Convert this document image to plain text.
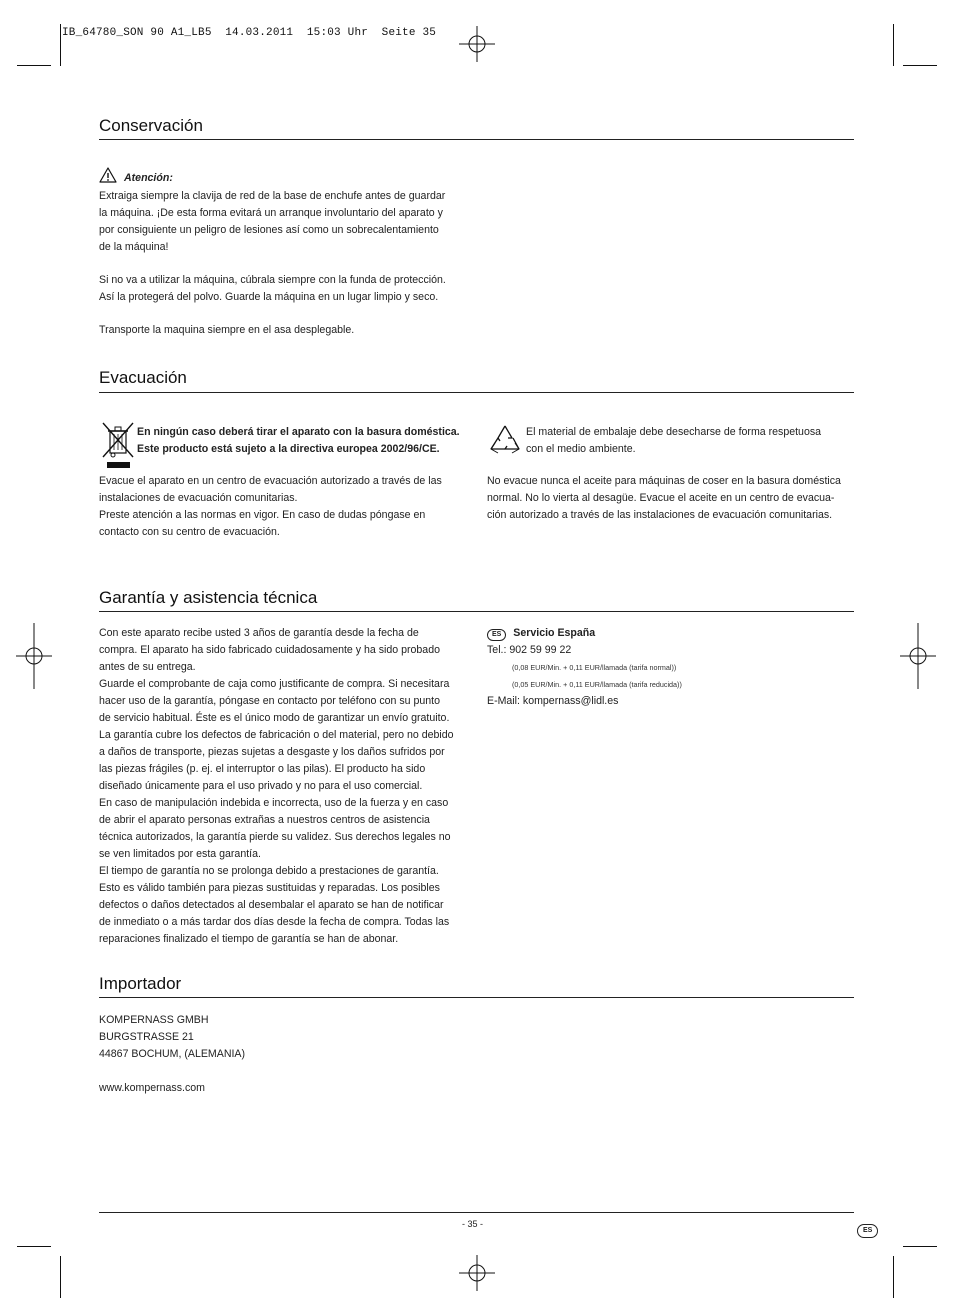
IB_64780_SON 90 A1_LB5  14.03.2011  15:03 Uhr  Seite 35
Conservación
Atención:

Extraiga siempre la clavija de red de la base de enchufe antes de guardar

la máquina. ¡De esta forma evitará un arranque involuntario del aparato y

por consiguiente un peligro de lesiones así como un sobrecalentamiento

de la máquina!

Si no va a utilizar la máquina, cúbrala siempre con la funda de protección.

Así la protegerá del polvo. Guarde la máquina en un lugar limpio y seco.

Transporte la maquina siempre en el asa desplegable.
Evacuación

En ningún caso deberá tirar el aparato con la basura doméstica.

Este producto está sujeto a la directiva europea 2002/96/CE.

Evacue el aparato en un centro de evacuación autorizado a través de las

instalaciones de evacuación comunitarias.

Preste atención a las normas en vigor. En caso de dudas póngase en

contacto con su centro de evacuación.

El material de embalaje debe desecharse de forma respetuosa

con el medio ambiente.

No evacue nunca el aceite para máquinas de coser en la basura doméstica

normal. No lo vierta al desagüe. Evacue el aceite en un centro de evacua-

ción autorizado a través de las instalaciones de evacuación comunitarias.

Garantía y asistencia técnica

Con este aparato recibe usted 3 años de garantía desde la fecha de

compra. El aparato ha sido fabricado cuidadosamente y ha sido probado

antes de su entrega.

Guarde el comprobante de caja como justificante de compra. Si necesitara

hacer uso de la garantía, póngase en contacto por teléfono con su punto

de servicio habitual. Éste es el único modo de garantizar un envío gratuito.

La garantía cubre los defectos de fabricación o del material, pero no debido

a daños de transporte, piezas sujetas a desgaste y los daños sufridos por

las piezas frágiles (p. ej. el interruptor o las pilas). El producto ha sido

diseñado únicamente para el uso privado y no para el uso comercial.

En caso de manipulación indebida e incorrecta, uso de la fuerza y en caso

de abrir el aparato personas extrañas a nuestros centros de asistencia

técnica autorizados, la garantía pierde su validez. Sus derechos legales no

se ven limitados por esta garantía.

El tiempo de garantía no se prolonga debido a prestaciones de garantía.

Esto es válido también para piezas sustituidas y reparadas. Los posibles

defectos o daños detectados al desembalar el aparato se han de notificar

de inmediato o a más tardar dos días desde la fecha de compra. Todas las

reparaciones finalizado el tiempo de garantía se han de abonar.

ES Servicio España

Tel.: 902 59 99 22

(0,08 EUR/Min. + 0,11 EUR/llamada (tarifa normal))

(0,05 EUR/Min. + 0,11 EUR/llamada (tarifa reducida))

E-Mail: kompernass@lidl.es

Importador

KOMPERNASS GMBH

BURGSTRASSE 21

44867 BOCHUM, (ALEMANIA)

www.kompernass.com
- 35 -
ES
